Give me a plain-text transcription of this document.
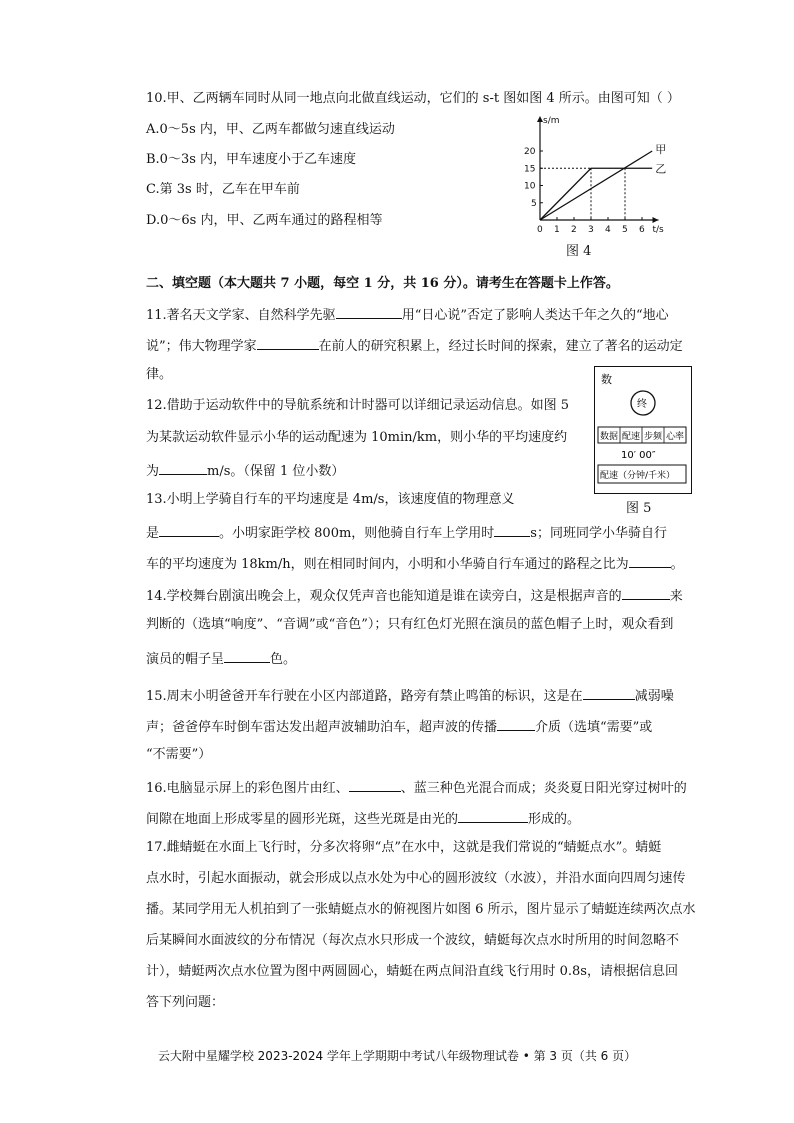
10.甲、乙两辆车同时从同一地点向北做直线运动，它们的 s-t 图如图 4 所示。由图可知（ ）
A.0～5s 内，甲、乙两车都做匀速直线运动
B.0～3s 内，甲车速度小于乙车速度
C.第 3s 时，乙车在甲车前
D.0～6s 内，甲、乙两车通过的路程相等
s/m
t/s
0 1 2 3 4 5 6
5
10
15
20	甲
乙
图 4
二、填空题（本大题共 7 小题，每空 1 分，共 16 分）。请考生在答题卡上作答。
11.著名天文学家、自然科学先驱	用“日心说”否定了影响人类达千年之久的“地心
说”；伟大物理学家	在前人的研究积累上，经过长时间的探索，建立了著名的运动定
律。
12.借助于运动软件中的导航系统和计时器可以详细记录运动信息。如图 5
为某款运动软件显示小华的运动配速为 10min/km，则小华的平均速度约
为	m/s。（保留 1 位小数）
数
终
数据 配速 步频 心率
10′ 00″
配速（分钟/千米）
图 5
13.小明上学骑自行车的平均速度是 4m/s，该速度值的物理意义
是	。小明家距学校 800m，则他骑自行车上学用时	s；同班同学小华骑自行
车的平均速度为 18km/h，则在相同时间内，小明和小华骑自行车通过的路程之比为	。
14.学校舞台剧演出晚会上，观众仅凭声音也能知道是谁在读旁白，这是根据声音的	来
判断的（选填“响度”、“音调”或“音色”）；只有红色灯光照在演员的蓝色帽子上时，观众看到
演员的帽子呈	色。
15.周末小明爸爸开车行驶在小区内部道路，路旁有禁止鸣笛的标识，这是在	减弱噪
声；爸爸停车时倒车雷达发出超声波辅助泊车，超声波的传播	介质（选填“需要”或
“不需要”）
16.电脑显示屏上的彩色图片由红、	、蓝三种色光混合而成；炎炎夏日阳光穿过树叶的
间隙在地面上形成零星的圆形光斑，这些光斑是由光的	形成的。
17.雌蜻蜓在水面上飞行时，分多次将卵“点”在水中，这就是我们常说的“蜻蜓点水”。蜻蜓
点水时，引起水面振动，就会形成以点水处为中心的圆形波纹（水波），并沿水面向四周匀速传
播。某同学用无人机拍到了一张蜻蜓点水的俯视图片如图 6 所示，图片显示了蜻蜓连续两次点水
后某瞬间水面波纹的分布情况（每次点水只形成一个波纹，蜻蜓每次点水时所用的时间忽略不
计），蜻蜓两次点水位置为图中两圆圆心，蜻蜓在两点间沿直线飞行用时 0.8s，请根据信息回
答下列问题：
云大附中星耀学校 2023-2024 学年上学期期中考试八年级物理试卷 • 第 3 页（共 6 页）
